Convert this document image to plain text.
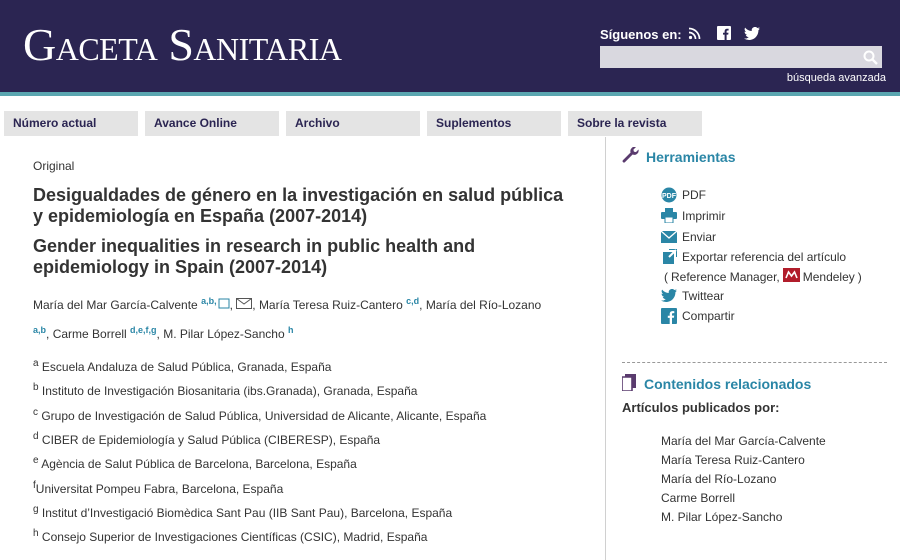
Gaceta Sanitaria	Síguenos en:
búsqueda avanzada
Número actual	Avance Online	Archivo	Suplementos	Sobre la revista
Original
Desigualdades de género en la investigación en salud pública y epidemiología en España (2007-2014)
Gender inequalities in research in public health and epidemiology in Spain (2007-2014)
María del Mar García-Calvente $^{a,b,}$ , , María Teresa Ruiz-Cantero $^{c,d}$, María del Río-Lozano $^{a,b}$, Carme Borrell $^{d,e,f,g}$, M. Pilar López-Sancho $^h$
$^a$ Escuela Andaluza de Salud Pública, Granada, España
$^b$ Instituto de Investigación Biosanitaria (ibs.Granada), Granada, España
$^c$ Grupo de Investigación de Salud Pública, Universidad de Alicante, Alicante, España
$^d$ CIBER de Epidemiología y Salud Pública (CIBERESP), España
$^e$ Agència de Salut Pública de Barcelona, Barcelona, España
$^f$Universitat Pompeu Fabra, Barcelona, España
$^g$ Institut d’Investigació Biomèdica Sant Pau (IIB Sant Pau), Barcelona, España
$^h$ Consejo Superior de Investigaciones Científicas (CSIC), Madrid, España
Herramientas
PDF PDF
Imprimir
Enviar
Exportar referencia del artículo
( Reference Manager, Mendeley )
Twittear
Compartir
Contenidos relacionados
Artículos publicados por:
María del Mar García-Calvente
María Teresa Ruiz-Cantero
María del Río-Lozano
Carme Borrell
M. Pilar López-Sancho
